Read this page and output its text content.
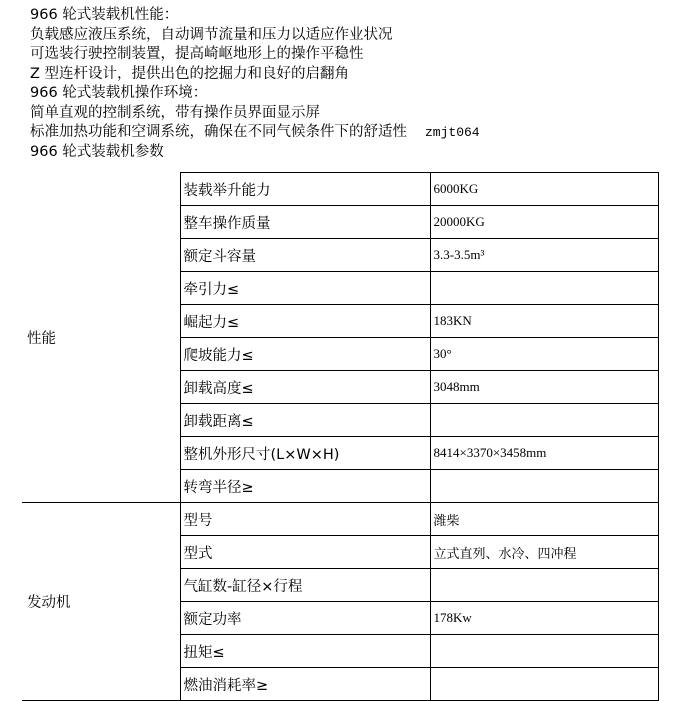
966 轮式装载机性能：
负载感应液压系统，自动调节流量和压力以适应作业状况
可选装行驶控制装置，提高崎岖地形上的操作平稳性
Z 型连杆设计，提供出色的挖掘力和良好的启翻角
966 轮式装载机操作环境：
简单直观的控制系统，带有操作员界面显示屏
标准加热功能和空调系统，确保在不同气候条件下的舒适性 zmjt064
966 轮式装载机参数
性能	装载举升能力	6000KG
	整车操作质量	20000KG
	额定斗容量	3.3-3.5m³
	牵引力≤	
	崛起力≤	183KN
	爬坡能力≤	30°
	卸载高度≤	3048mm
	卸载距离≤	
	整机外形尺寸(L×W×H)	8414×3370×3458mm
	转弯半径≥	
发动机	型号	潍柴
	型式	立式直列、水冷、四冲程
	气缸数-缸径×行程	
	额定功率	178Kw
	扭矩≤	
	燃油消耗率≥	
